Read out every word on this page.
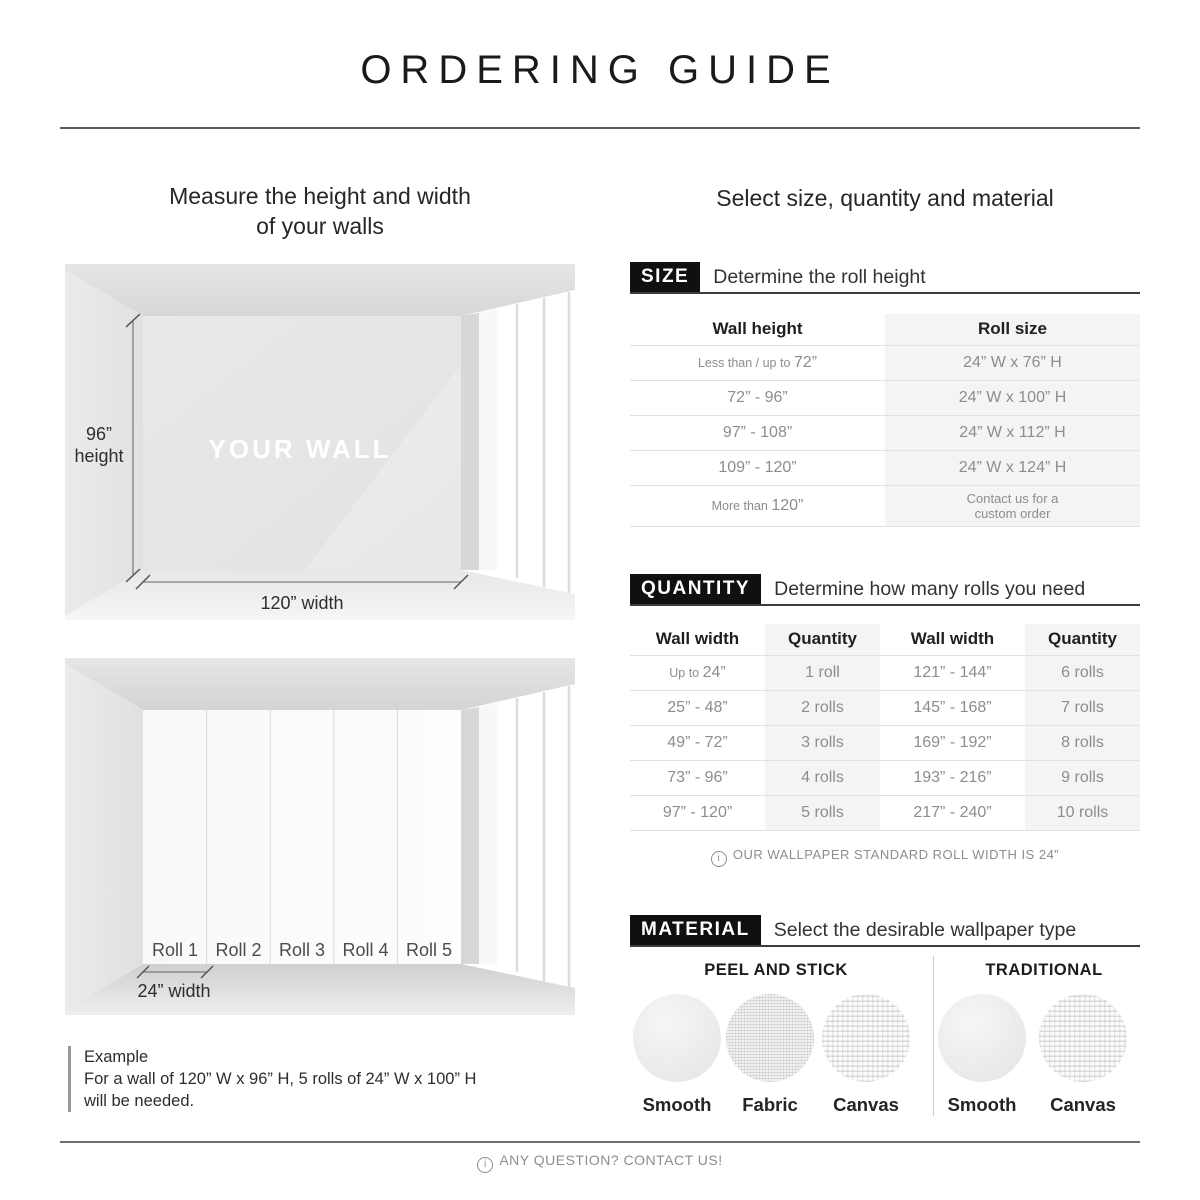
ORDERING GUIDE
Measure the height and width
of your walls
Select size, quantity and material
96”
height	YOUR WALL
120” width
Roll 1 Roll 2 Roll 3 Roll 4 Roll 5
24” width
Example
For a wall of 120” W x 96” H, 5 rolls of 24” W x 100” H
will be needed.
SIZE	Determine the roll height
Wall height	Roll size
Less than / up to 72”	24” W x 76” H
72” - 96”	24” W x 100” H
97” - 108”	24” W x 112” H
109” - 120”	24” W x 124” H
More than 120”	Contact us for a
custom order
QUANTITY	Determine how many rolls you need
Wall width	Quantity	Wall width	Quantity
Up to 24”	1 roll	121” - 144”	6 rolls
25” - 48”	2 rolls	145” - 168”	7 rolls
49” - 72”	3 rolls	169” - 192”	8 rolls
73” - 96”	4 rolls	193” - 216”	9 rolls
97” - 120”	5 rolls	217” - 240”	10 rolls
iOUR WALLPAPER STANDARD ROLL WIDTH IS 24”
MATERIAL	Select the desirable wallpaper type
PEEL AND STICK	TRADITIONAL
Smooth	Fabric	Canvas	Smooth	Canvas
iANY QUESTION? CONTACT US!
